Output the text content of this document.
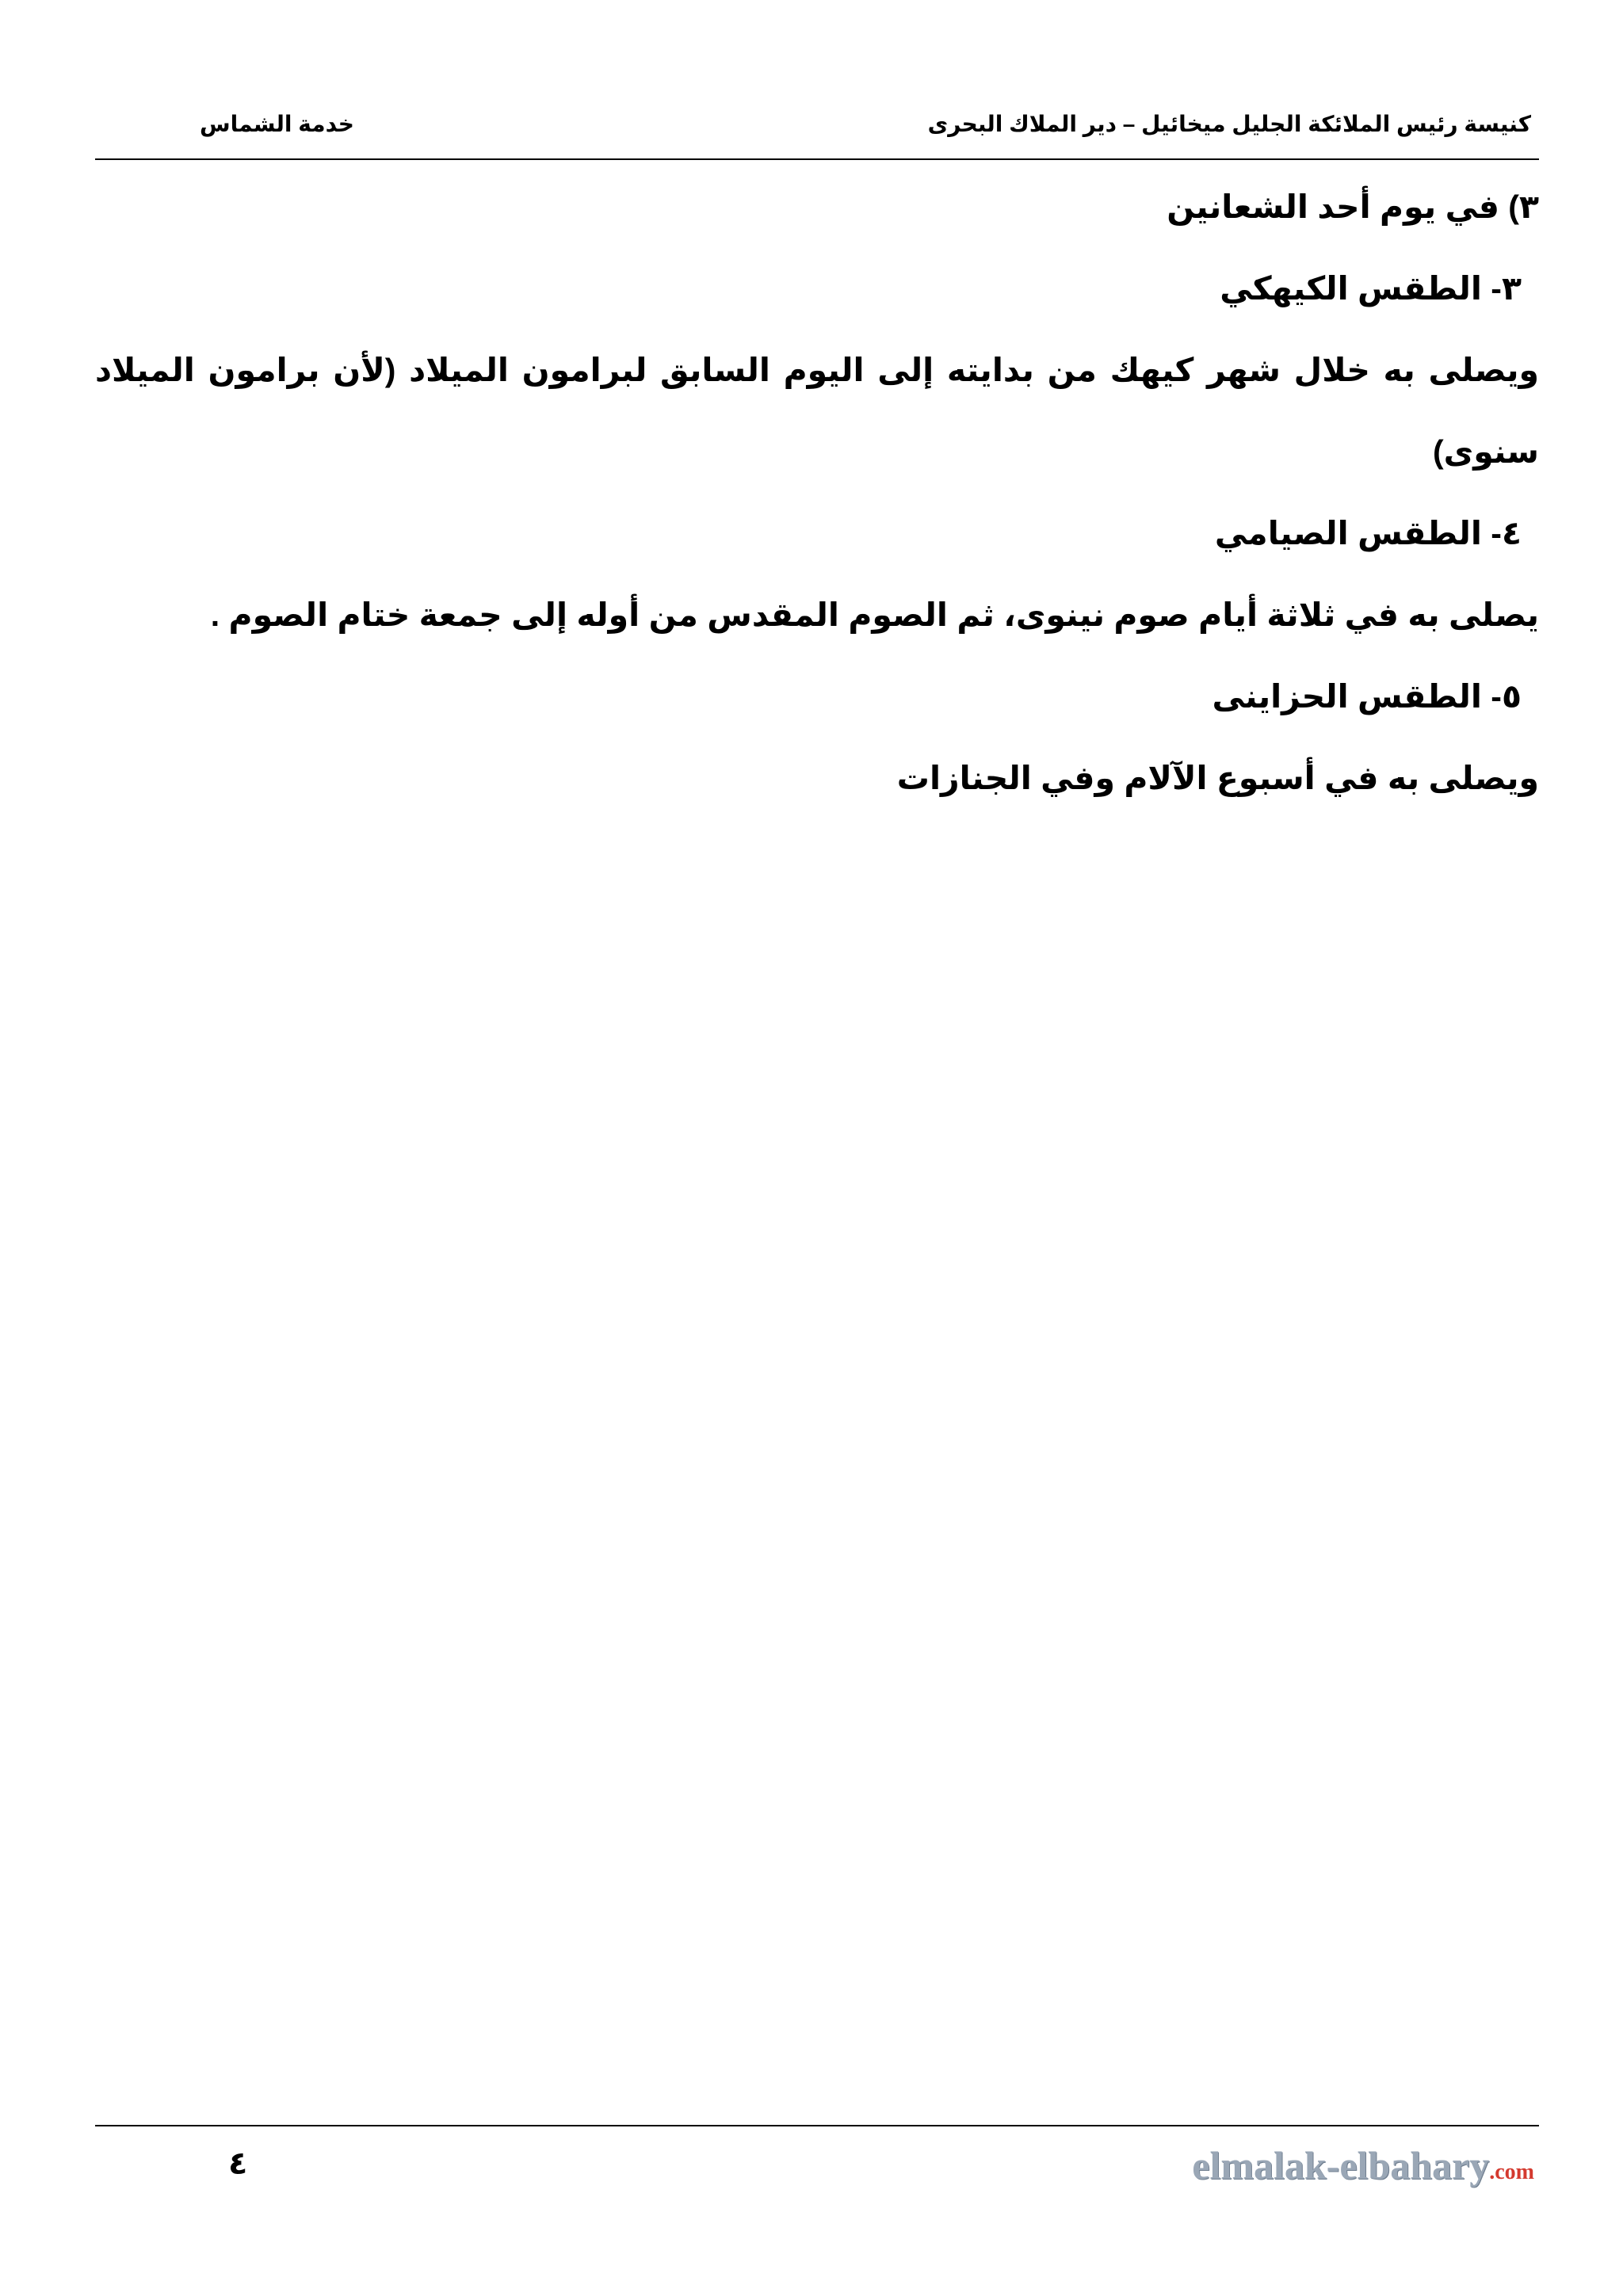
كنيسة رئيس الملائكة الجليل ميخائيل – دير الملاك البحرى
خدمة الشماس
٣) في يوم أحد الشعانين
٣- الطقس الكيهكي
ويصلى به خلال شهر كيهك من بدايته إلى اليوم السابق لبرامون الميلاد (لأن برامون الميلاد
سنوى)
٤- الطقس الصيامي
يصلى به في ثلاثة أيام صوم نينوى، ثم الصوم المقدس من أوله إلى جمعة ختام الصوم .
٥- الطقس الحزاينى
ويصلى به في أسبوع الآلام وفي الجنازات
٤	elmalak-elbahary.com
